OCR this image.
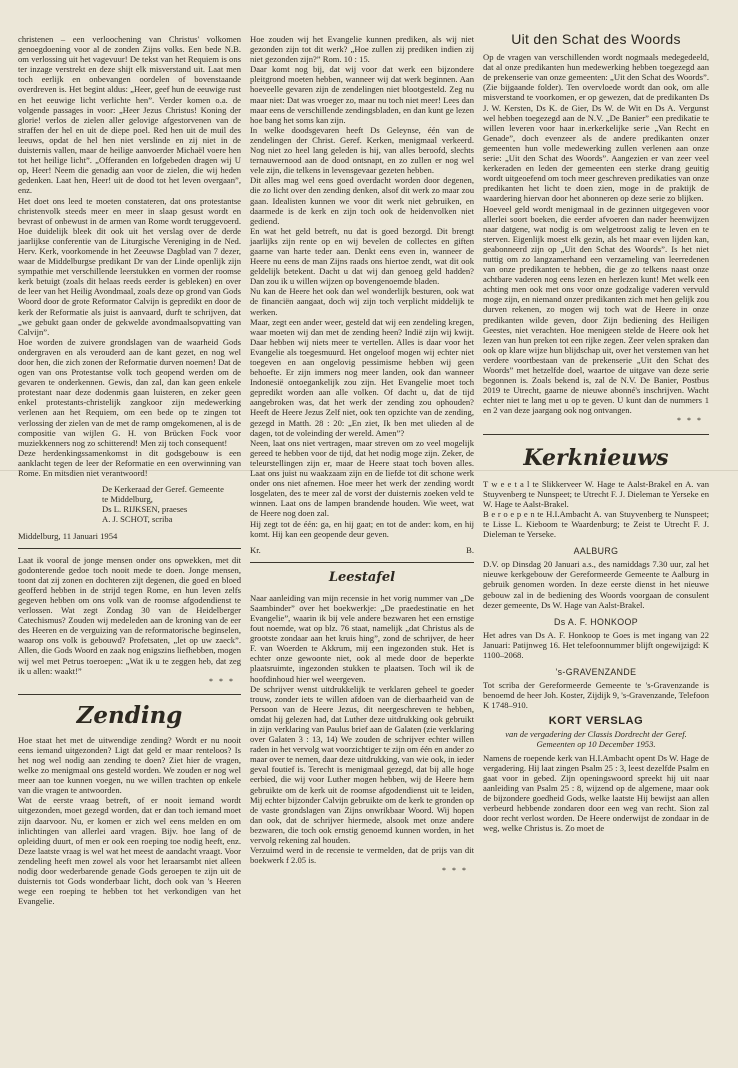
christenen – een verloochening van Christus' volkomen genoegdoening voor al de zonden Zijns volks. Een bede N.B. om verlossing uit het vagevuur! De tekst van het Requiem is ons ter inzage verstrekt en deze shijt elk misverstand uit. Laat men toch eerlijk en onbevangen oordelen of bovenstaande overdreven is. Het begint aldus: „Heer, geef hun de eeuwige rust en het eeuwige licht verlichte hen”. Verder komen o.a. de volgende passages in voor: „Heer Jezus Christus! Koning der glorie! verlos de zielen aller gelovige afgestorvenen van de straffen der hel en uit de diepe poel. Red hen uit de muil des leeuws, opdat de hel hen niet verslinde en zij niet in de duisternis vallen, maar de heilige aanvoerder Michaël voere hen tot het heilige licht”. „Offeranden en lofgebeden dragen wij U op, Heer! Neem die genadig aan voor de zielen, die wij heden gedenken. Laat hen, Heer! uit de dood tot het leven overgaan”, enz.

Het doet ons leed te moeten constateren, dat ons protestantse christenvolk steeds meer en meer in slaap gesust wordt en bevrast of onbewust in de armen van Rome wordt teruggevoerd. Hoe duidelijk bleek dit ook uit het verslag over de derde jaarlijkse conferentie van de Liturgische Vereniging in de Ned. Herv. Kerk, voorkomende in het Zeeuwse Dagblad van 7 dezer, waar de Middelburgse predikant Dr van der Linde openlijk zijn sympathie met verschillende leerstukken en vormen der roomse kerk betuigt (zoals dit helaas reeds eerder is gebleken) en over de leer van het Heilig Avondmaal, zoals deze op grond van Gods Woord door de grote Reformator Calvijn is gepredikt en door de kerk der Reformatie als juist is aanvaard, durft te schrijven, dat „we gebukt gaan onder de gekwelde avondmaalsopvatting van Calvijn”.

Hoe worden de zuivere grondslagen van de waarheid Gods ondergraven en als verouderd aan de kant gezet, en nog wel door hen, die zich zonen der Reformatie durven noemen! Dat de ogen van ons Protestantse volk toch geopend werden om de gevaren te onderkennen. Gewis, dan zal, dan kan geen enkele protestant naar deze dodenmis gaan luisteren, en zeker geen enkel protestants-christelijk zangkoor zijn medewerking verlenen aan het Requiem, om een bede op te zingen tot verlossing der zielen van de met de ramp omgekomenen, al is de compositie van wijlen G. H. von Brücken Fock voor muziekkenners nog zo schitterend! Men zij toch consequent!

Deze herdenkingssamenkomst in dit godsgebouw is een aanklacht tegen de leer der Reformatie en een overwinning van Rome. En mitsdien niet verantwoord!

De Kerkeraad der Geref. Gemeente
te Middelburg,
Ds L. RIJKSEN, praeses
A. J. SCHOT, scriba

Middelburg, 11 Januari 1954

Laat ik vooral de jonge mensen onder ons opwekken, met dit godonterende gedoe toch nooit mede te doen. Jonge mensen, toont dat zij zonen en dochteren zijt degenen, die goed en bloed geofferd hebben in de strijd tegen Rome, en hun leven zelfs gegeven hebben om ons volk van de roomse afgodendienst te verlossen. Wat zegt Zondag 30 van de Heidelberger Catechismus? Zouden wij medeleden aan de kroning van de eer des Heeren en de verguizing van de reformatorische beginselen, waarop ons volk is gebouwd? Profetsaten, „let op uw zaeck”. Allen, die Gods Woord en zaak nog enigszins liefhebben, mogen wij wel met Petrus toeroepen: „Wat ik u te zeggen heb, dat zeg ik u allen: waakt!”

* * *
Zending

Hoe staat het met de uitwendige zending? Wordt er nu nooit eens iemand uitgezonden? Ligt dat geld er maar renteloos? Is het nog wel nodig aan zending te doen? Ziet hier de vragen, welke zo menigmaal ons gesteld worden. We zouden er nog wel meer aan toe kunnen voegen, nu we willen trachten op enkele van die vragen te antwoorden.

Wat de eerste vraag betreft, of er nooit iemand wordt uitgezonden, moet gezegd worden, dat er dan toch iemand moet zijn daarvoor. Nu, er komen er zich wel eens melden en om inlichtingen van allerlei aard vragen. Bijv. hoe lang of de opleiding duurt, of men er ook een roeping toe nodig heeft, enz. Deze laatste vraag is wel wat het meest de aandacht vraagt. Voor zendeling heeft men zowel als voor het leraarsambt niet alleen nodig door wederbarende genade Gods geroepen te zijn uit de duisternis tot Gods wonderbaar licht, doch ook van 's Heeren wege een roeping te hebben tot het verkondigen van het Evangelie.

Hoe zouden wij het Evangelie kunnen prediken, als wij niet gezonden zijn tot dit werk? „Hoe zullen zij prediken indien zij niet gezonden zijn?” Rom. 10 : 15.

Daar komt nog bij, dat wij voor dat werk een bijzondere pleitgrond moeten hebben, wanneer wij dat werk beginnen. Aan hoeveelle gevaren zijn de zendelingen niet blootgesteld. Zeg nu maar niet: Dat was vroeger zo, maar nu toch niet meer! Lees dan maar eens de verschillende zendingsbladen, en dan kunt ge lezen hoe bang het soms kan zijn.

In welke doodsgevaren heeft Ds Geleynse, één van de zendelingen der Christ. Geref. Kerken, menigmaal verkeerd. Nog niet zo heel lang geleden is hij, van alles beroofd, slechts ternauwernood aan de dood ontsnapt, en zo zullen er nog wel vele zijn, die telkens in levensgevaar gezeten hebben.

Dit alles mag wel eens goed overdacht worden door degenen, die zo licht over den zending denken, alsof dit werk zo maar zou gaan. Idealisten kunnen we voor dit werk niet gebruiken, en daarmede is de kerk en zijn toch ook de heidenvolken niet gediend.

En wat het geld betreft, nu dat is goed bezorgd. Dit brengt jaarlijks zijn rente op en wij bevelen de collectes en giften gaarne van harte teder aan. Denkt eens even in, wanneer de Heere nu eens de man Zijns raads ons hiertoe zendt, wat dit ook geldelijk betekent. Dacht u dat wij dan genoeg geld hadden? Dan zou ik u willen wijzen op bovengenoemde bladen.

Nu kan de Heere het ook dan wel wonderlijk besturen, ook wat de financiën aangaat, doch wij zijn toch verplicht middelijk te werken.

Maar, zegt een ander weer, gesteld dat wij een zendeling kregen, waar moeten wij dan met de zending heen? Indië zijn wij kwijt. Daar hebben wij niets meer te vertellen. Alles is daar voor het Evangelie als toegesmuurd. Het ongeloof mogen wij echter niet toegeven en aan ongelovig pessimisme hebben wij geen behoefte. Er zijn immers nog meer landen, ook dan wanneer Indonesië ontoegankelijk zou zijn. Het Evangelie moet toch gepredikt worden aan alle volken. Of dacht u, dat de tijd aangebroken was, dat het werk der zending zou ophouden? Heeft de Heere Jezus Zelf niet, ook ten opzichte van de zending, gezegd in Matth. 28 : 20: „En ziet, Ik ben met ulieden al de dagen, tot de voleinding der wereld. Amen”?

Neen, laat ons niet vertragen, maar streven om zo veel mogelijk gereed te hebben voor de tijd, dat het nodig moge zijn. Zeker, de teleurstellingen zijn er, maar de Heere staat toch boven alles. Laat ons juist nu waakzaam zijn en de liefde tot dit schone werk onder ons niet afnemen. Hoe meer het werk der zending wordt losgelaten, des te meer zal de vorst der duisternis zoeken veld te winnen. Laat ons de lampen brandende houden. Wie weet, wat de Heere nog doen zal.

Hij zegt tot de één: ga, en hij gaat; en tot de ander: kom, en hij komt. Hij kan een geopende deur geven.

Kr.	B.
Leestafel

Naar aanleiding van mijn recensie in het vorig nummer van „De Saambinder” over het boekwerkje: „De praedestinatie en het Evangelie”, waarin ik bij vele andere bezwaren het een ernstige fout noemde, wat op blz. 76 staat, namelijk „dat Christus als de grootste zondaar aan het kruis hing”, zond de schrijver, de heer F. van Woerden te Akkrum, mij een ingezonden stuk. Het is echter onze gewoonte niet, ook al mede door de beperkte plaatsruimte, ingezonden stukken te plaatsen. Toch wil ik de hoofdinhoud hier wel weergeven.

De schrijver wenst uitdrukkelijk te verklaren geheel te goeder trouw, zonder iets te willen afdoen van de dierbaarheid van de Persoon van de Heere Jezus, dit neergeschreven te hebben, omdat hij gelezen had, dat Luther deze uitdrukking ook gebruikt in zijn verklaring van Paulus brief aan de Galaten (zie verklaring over Galaten 3 : 13, 14) We zouden de schrijver echter willen raden in het vervolg wat voorzichtiger te zijn om één en ander zo maar over te nemen, daar deze uitdrukking, van wie ook, in ieder geval foutief is. Terecht is menigmaal gezegd, dat bij alle hoge eerbied, die wij voor Luther mogen hebben, wij de Heere hem gebruikte om de kerk uit de roomse afgodendienst uit te leiden, Mij echter bijzonder Calvijn gebruikte om de kerk te gronden op de vaste grondslagen van Zijns onwrikbaar Woord. Wij hopen dan ook, dat de schrijver hiermede, alsook met onze andere bezwaren, die toch ook ernstig genoemd kunnen worden, in het vervolg rekening zal houden.

Verzuimd werd in de recensie te vermelden, dat de prijs van dit boekwerk f 2.05 is.

* * *
Uit den Schat des Woords

Op de vragen van verschillenden wordt nogmaals medegedeeld, dat al onze predikanten hun medewerking hebben toegezegd aan de prekenserie van onze gemeenten: „Uit den Schat des Woords”. (Zie bijgaande folder). Ten overvloede wordt dan ook, om alle misverstand te voorkomen, er op gewezen, dat de predikanten Ds J. W. Kersten, Ds K. de Gier, Ds W. de Wit en Ds A. Vergunst wel hebben toegezegd aan de N.V. „De Banier” een predikatie te willen leveren voor haar in.erkerkelijke serie „Van Recht en Genade”, doch evenzeer als de andere predikanten onzer gemeenten hun volle medewerking zullen verlenen aan onze serie: „Uit den Schat des Woords”. Aangezien er van zeer veel kerkeraden en leden der gemeenten een sterke drang geuitig wordt uitgeoefend om toch meer geschreven predikaties van onze predikanten het licht te doen zien, moge in de praktijk de waardering hiervan door het abonneren op deze serie zo blijken.

Hoeveel geld wordt menigmaal in de gezinnen uitgegeven voor allerlei soort boeken, die eerder afvoeren dan nader heenwijzen naar datgene, wat nodig is om welgetroost zalig te leven en te sterven. Eigenlijk moest elk gezin, als het maar even lijden kan, geabonneerd zijn op „Uit den Schat des Woords”. Is het niet nuttig om zo langzamerhand een verzameling van leerredenen van onze predikanten te hebben, die ge zo telkens naast onze achtbare vaderen nog eens lezen en herlezen kunt! Met welk een achting men ook met ons voor onze godzalige vaderen vervuld moge zijn, en niemand onzer predikanten zich met hen gelijk zou durven rekenen, zo mogen wij toch wat de Heere in onze predikanten wilde geven, door Zijn bediening des Heiligen Geestes, niet verachten. Hoe menigeen stelde de Heere ook het lezen van hun preken tot een rijke zegen. Zeer velen spraken dan ook op klare wijze hun blijdschap uit, over het verstemen van het verdere voortbestaan van de prekenserie „Uit den Schat des Woords” met hetzelfde doel, waartoe de uitgave van deze serie begonnen is. Zoals bekend is, zal de N.V. De Banier, Postbus 2019 te Utrecht, gaarne de nieuwe abonné's inschrijven. Wacht echter niet te lang met u op te geven. U kunt dan de nummers 1 en 2 van deze jaargang ook nog ontvangen.

* * *
Kerknieuws

T w e e t a l te Slikkerveer W. Hage te Aalst-Brakel en A. van Stuyvenberg te Nunspeet; te Utrecht F. J. Dieleman te Yerseke en W. Hage te Aalst-Brakel.

B e r o e p e n te H.I.Ambacht A. van Stuyvenberg te Nunspeet; te Lisse L. Kieboom te Waardenburg; te Zeist te Utrecht F. J. Dieleman te Yerseke.

AALBURG

D.V. op Dinsdag 20 Januari a.s., des namiddags 7.30 uur, zal het nieuwe kerkgebouw der Gereformeerde Gemeente te Aalburg in gebruik genomen worden. In deze eerste dienst in het nieuwe gebouw zal in de bediening des Woords voorgaan de consulent dezer gemeente, Ds W. Hage van Aalst-Brakel.

Ds A. F. HONKOOP

Het adres van Ds A. F. Honkoop te Goes is met ingang van 22 Januari: Patijnweg 16. Het telefoonnummer blijft ongewijzigd: K 1100–2068.

's-GRAVENZANDE

Tot scriba der Gereformeerde Gemeente te 's-Gravenzande is benoemd de heer Joh. Koster, Zijdijk 9, 's-Gravenzande, Telefoon K 1748–910.

KORT VERSLAG
van de vergadering der Classis Dordrecht der Geref.
Gemeenten op 10 December 1953.

Namens de roepende kerk van H.I.Ambacht opent Ds W. Hage de vergadering. Hij laat zingen Psalm 25 : 3, leest dezelfde Psalm en gaat voor in gebed. Zijn openingswoord spreekt hij uit naar aanleiding van Psalm 25 : 8, wijzend op de algemene, maar ook de bijzondere goedheid Gods, welke laatste Hij bewijst aan allen verbeurd hebbende zondaren door een weg van recht. Sion zal door recht verlost worden. De Heere onderwijst de zondaar in de weg, welke Christus is. Zo moet de
